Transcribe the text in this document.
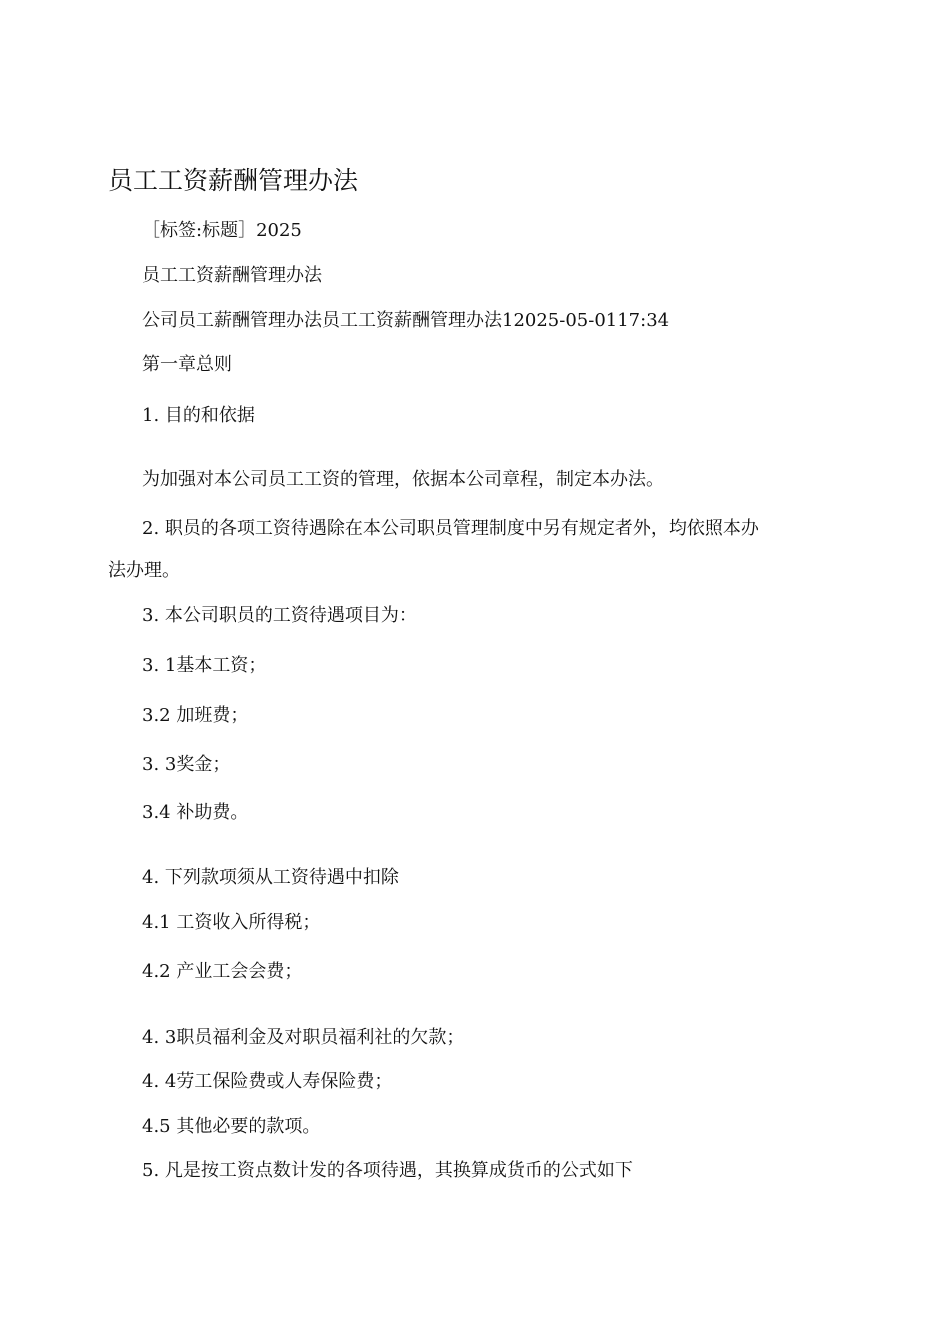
员工工资薪酬管理办法
［标签:标题］2025
员工工资薪酬管理办法
公司员工薪酬管理办法员工工资薪酬管理办法12025-05-0117:34
第一章总则
1. 目的和依据
为加强对本公司员工工资的管理，依据本公司章程，制定本办法。
2. 职员的各项工资待遇除在本公司职员管理制度中另有规定者外，均依照本办
法办理。
3. 本公司职员的工资待遇项目为：
3. 1基本工资；
3.2 加班费；
3. 3奖金；
3.4 补助费。
4. 下列款项须从工资待遇中扣除
4.1 工资收入所得税；
4.2 产业工会会费；
4. 3职员福利金及对职员福利社的欠款；
4. 4劳工保险费或人寿保险费；
4.5 其他必要的款项。
5. 凡是按工资点数计发的各项待遇，其换算成货币的公式如下
